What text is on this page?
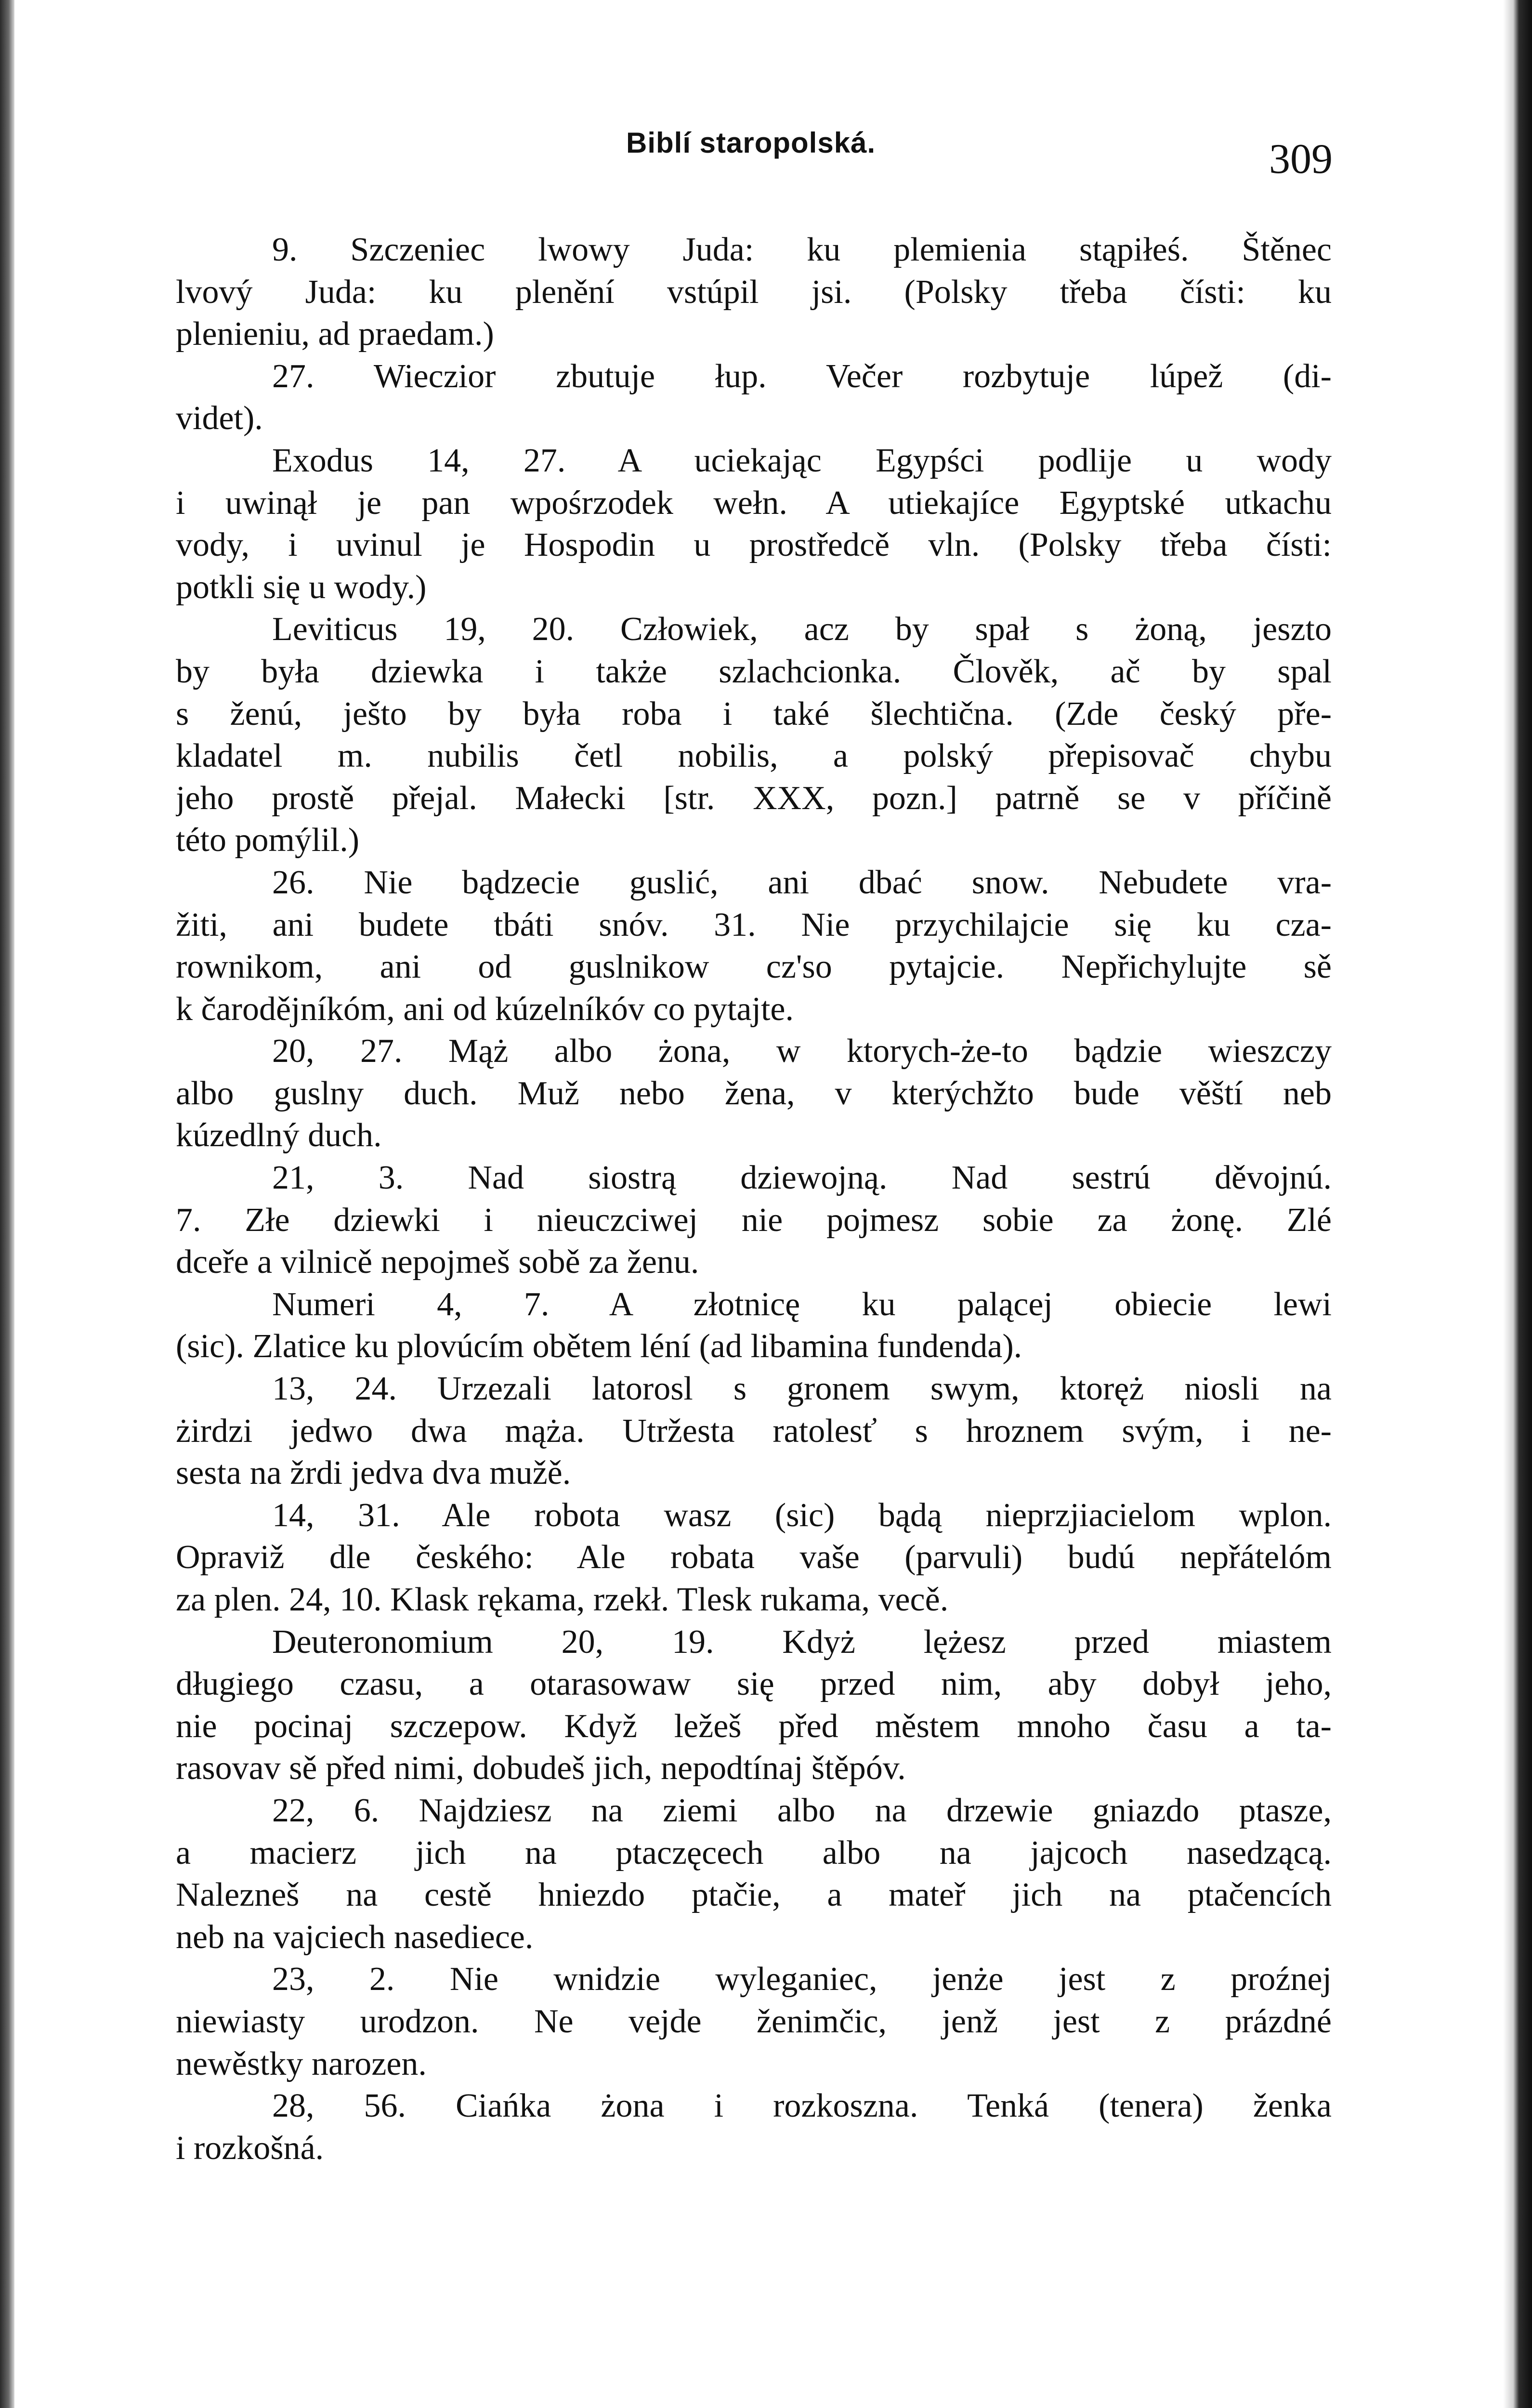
Biblí staropolská.	309
9. Szczeniec lwowy Juda: ku plemienia stąpiłeś. Štěnec
lvový Juda: ku plenění vstúpil jsi. (Polsky třeba čísti: ku
plenieniu, ad praedam.)
27. Wieczior zbutuje łup. Večer rozbytuje lúpež (di-
videt).
Exodus 14, 27. A uciekając Egypści podlije u wody
i uwinął je pan wpośrzodek wełn. A utiekajíce Egyptské utkachu
vody, i uvinul je Hospodin u prostředcě vln. (Polsky třeba čísti:
potkli się u wody.)
Leviticus 19, 20. Człowiek, acz by spał s żoną, jeszto
by była dziewka i także szlachcionka. Člověk, ač by spal
s ženú, ješto by była roba i také šlechtična. (Zde český pře-
kladatel m. nubilis četl nobilis, a polský přepisovač chybu
jeho prostě přejal. Małecki [str. XXX, pozn.] patrně se v příčině
této pomýlil.)
26. Nie bądzecie guslić, ani dbać snow. Nebudete vra-
žiti, ani budete tbáti snóv. 31. Nie przychilajcie się ku cza-
rownikom, ani od guslnikow cz'so pytajcie. Nepřichylujte sě
k čarodějníkóm, ani od kúzelníkóv co pytajte.
20, 27. Mąż albo żona, w ktorych-że-to bądzie wieszczy
albo guslny duch. Muž nebo žena, v kterýchžto bude věští neb
kúzedlný duch.
21, 3. Nad siostrą dziewojną. Nad sestrú děvojnú.
7. Złe dziewki i nieuczciwej nie pojmesz sobie za żonę. Zlé
dceře a vilnicě nepojmeš sobě za ženu.
Numeri 4, 7. A złotnicę ku palącej obiecie lewi
(sic). Zlatice ku plovúcím obětem léní (ad libamina fundenda).
13, 24. Urzezali latorosl s gronem swym, ktoręż niosli na
żirdzi jedwo dwa mąża. Utržesta ratolesť s hroznem svým, i ne-
sesta na žrdi jedva dva mužě.
14, 31. Ale robota wasz (sic) bądą nieprzjiacielom wplon.
Opraviž dle českého: Ale robata vaše (parvuli) budú nepřátelóm
za plen. 24, 10. Klask rękama, rzekł. Tlesk rukama, vecě.
Deuteronomium 20, 19. Kdyż lężesz przed miastem
długiego czasu, a otarasowaw się przed nim, aby dobył jeho,
nie pocinaj szczepow. Když ležeš před městem mnoho času a ta-
rasovav sě před nimi, dobudeš jich, nepodtínaj štěpóv.
22, 6. Najdziesz na ziemi albo na drzewie gniazdo ptasze,
a macierz jich na ptaczęcech albo na jajcoch nasedzącą.
Nalezneš na cestě hniezdo ptačie, a mateř jich na ptačencích
neb na vajciech nasediece.
23, 2. Nie wnidzie wyleganiec, jenże jest z proźnej
niewiasty urodzon. Ne vejde ženimčic, jenž jest z prázdné
newěstky narozen.
28, 56. Ciańka żona i rozkoszna. Tenká (tenera) ženka
i rozkošná.
